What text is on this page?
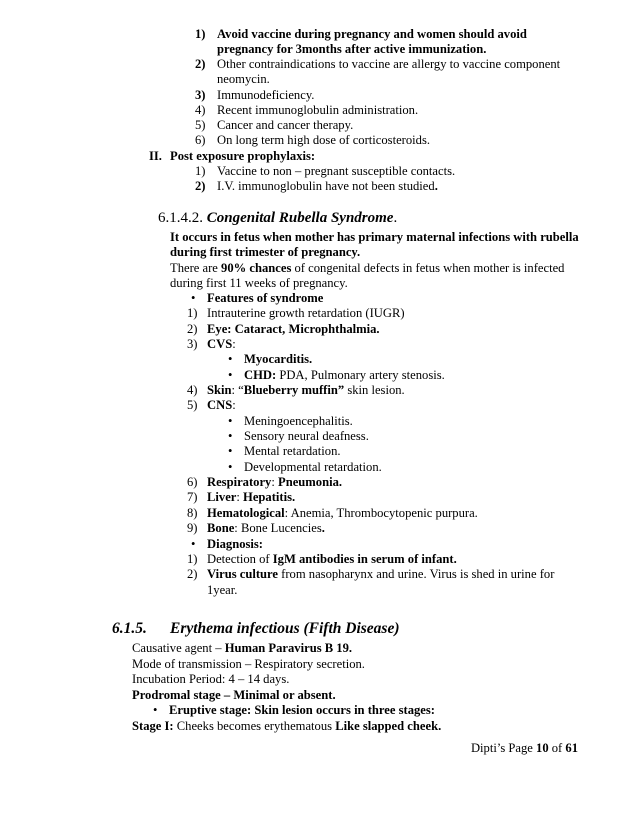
1) Avoid vaccine during pregnancy and women should avoid
pregnancy for 3months after active immunization.
2) Other contraindications to vaccine are allergy to vaccine component
neomycin.
3) Immunodeficiency.
4) Recent immunoglobulin administration.
5) Cancer and cancer therapy.
6) On long term high dose of corticosteroids.
II. Post exposure prophylaxis:
1) Vaccine to non – pregnant susceptible contacts.
2) I.V. immunoglobulin have not been studied.
6.1.4.2. Congenital Rubella Syndrome.
It occurs in fetus when mother has primary maternal infections with rubella
during first trimester of pregnancy.
There are 90% chances of congenital defects in fetus when mother is infected
during first 11 weeks of pregnancy.
•
Features of syndrome
1) Intrauterine growth retardation (IUGR)
2) Eye: Cataract, Microphthalmia.
3) CVS:
•
Myocarditis.
•
CHD: PDA, Pulmonary artery stenosis.
4) Skin: “Blueberry muffin” skin lesion.
5) CNS:
•
Meningoencephalitis.
•
Sensory neural deafness.
•
Mental retardation.
•
Developmental retardation.
6) Respiratory: Pneumonia.
7) Liver: Hepatitis.
8) Hematological: Anemia, Thrombocytopenic purpura.
9) Bone: Bone Lucencies.
•
Diagnosis:
1) Detection of IgM antibodies in serum of infant.
2) Virus culture from nasopharynx and urine. Virus is shed in urine for
1year.
6.1.5. Erythema infectious (Fifth Disease)
Causative agent – Human Paravirus B 19.
Mode of transmission – Respiratory secretion.
Incubation Period: 4 – 14 days.
Prodromal stage – Minimal or absent.
•
Eruptive stage: Skin lesion occurs in three stages:
Stage I: Cheeks becomes erythematous Like slapped cheek.
Dipti’s Page 10 of 61
